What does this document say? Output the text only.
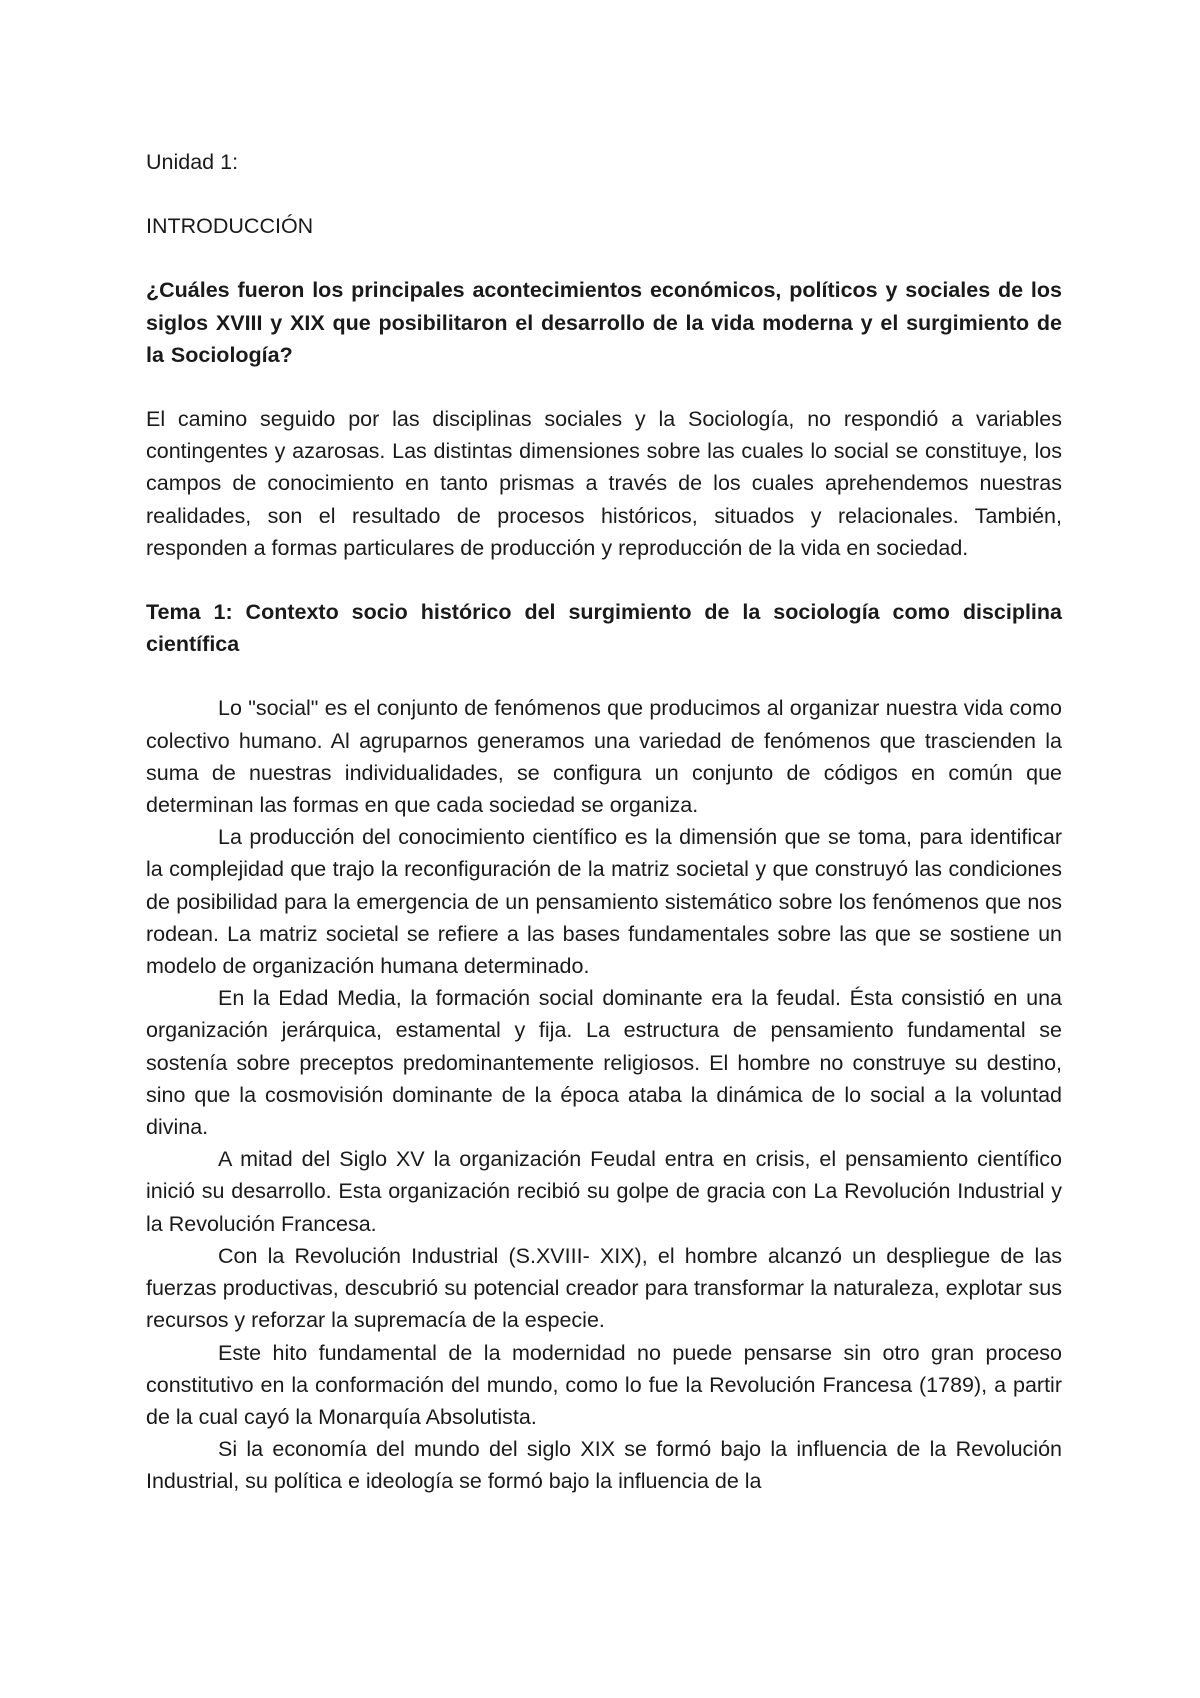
Unidad 1:

INTRODUCCIÓN

¿Cuáles fueron los principales acontecimientos económicos, políticos y sociales de los siglos XVIII y XIX que posibilitaron el desarrollo de la vida moderna y el surgimiento de la Sociología?

El camino seguido por las disciplinas sociales y la Sociología, no respondió a variables contingentes y azarosas. Las distintas dimensiones sobre las cuales lo social se constituye, los campos de conocimiento en tanto prismas a través de los cuales aprehendemos nuestras realidades, son el resultado de procesos históricos, situados y relacionales. También, responden a formas particulares de producción y reproducción de la vida en sociedad.

Tema 1: Contexto socio histórico del surgimiento de la sociología como disciplina científica

Lo "social" es el conjunto de fenómenos que producimos al organizar nuestra vida como colectivo humano. Al agruparnos generamos una variedad de fenómenos que trascienden la suma de nuestras individualidades, se configura un conjunto de códigos en común que determinan las formas en que cada sociedad se organiza.

La producción del conocimiento científico es la dimensión que se toma, para identificar la complejidad que trajo la reconfiguración de la matriz societal y que construyó las condiciones de posibilidad para la emergencia de un pensamiento sistemático sobre los fenómenos que nos rodean. La matriz societal se refiere a las bases fundamentales sobre las que se sostiene un modelo de organización humana determinado.

En la Edad Media, la formación social dominante era la feudal. Ésta consistió en una organización jerárquica, estamental y fija. La estructura de pensamiento fundamental se sostenía sobre preceptos predominantemente religiosos. El hombre no construye su destino, sino que la cosmovisión dominante de la época ataba la dinámica de lo social a la voluntad divina.

A mitad del Siglo XV la organización Feudal entra en crisis, el pensamiento científico inició su desarrollo. Esta organización recibió su golpe de gracia con La Revolución Industrial y la Revolución Francesa.

Con la Revolución Industrial (S.XVIII- XIX), el hombre alcanzó un despliegue de las fuerzas productivas, descubrió su potencial creador para transformar la naturaleza, explotar sus recursos y reforzar la supremacía de la especie.

Este hito fundamental de la modernidad no puede pensarse sin otro gran proceso constitutivo en la conformación del mundo, como lo fue la Revolución Francesa (1789), a partir de la cual cayó la Monarquía Absolutista.

Si la economía del mundo del siglo XIX se formó bajo la influencia de la Revolución Industrial, su política e ideología se formó bajo la influencia de la
